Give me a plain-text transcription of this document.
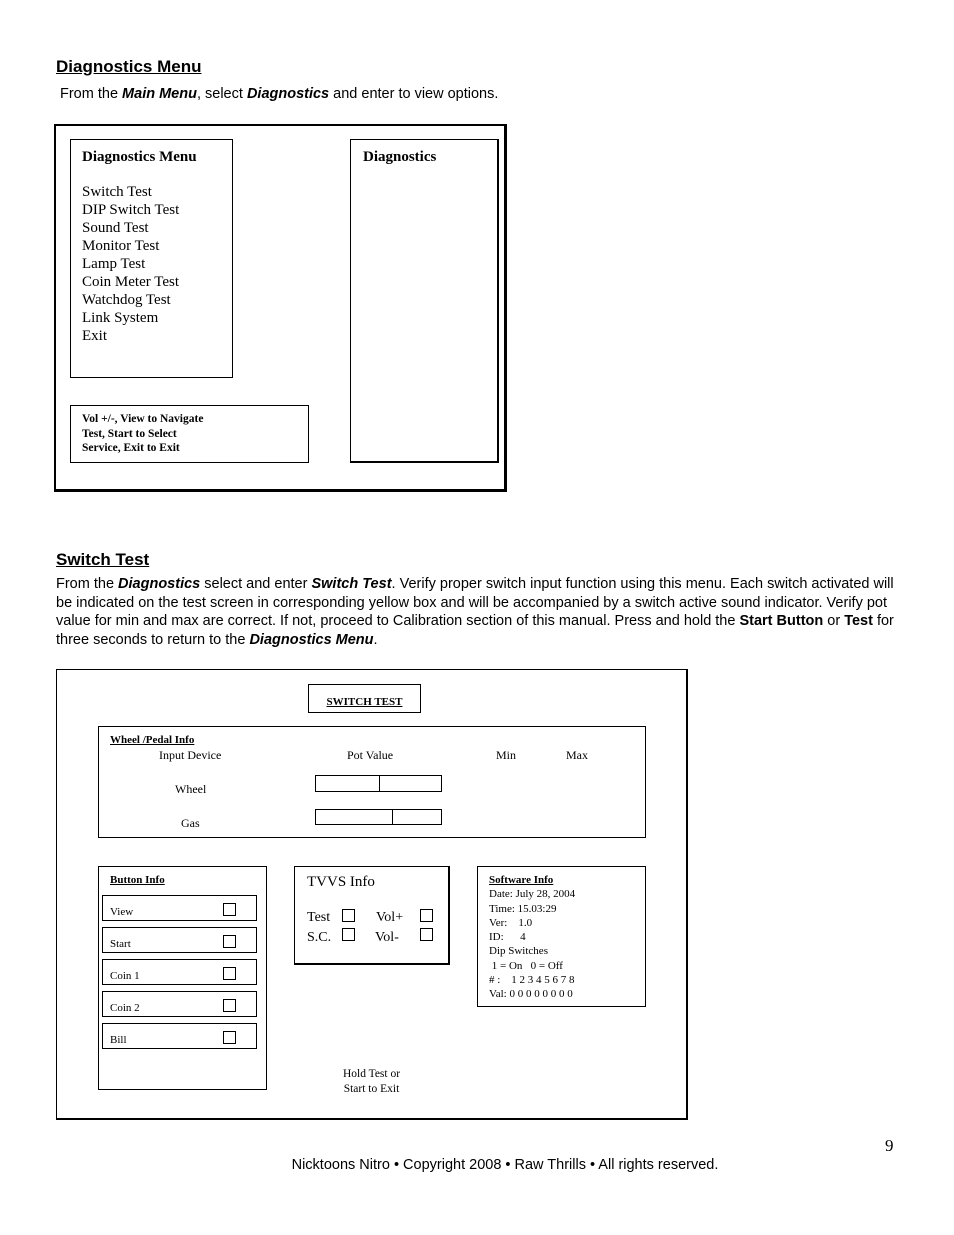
Diagnostics Menu
From the Main Menu, select Diagnostics and enter to view options.
Diagnostics Menu
Switch Test
DIP Switch Test
Sound Test
Monitor Test
Lamp Test
Coin Meter Test
Watchdog Test
Link System
Exit
Vol +/-, View to Navigate
Test, Start to Select
Service, Exit to Exit
Diagnostics
Switch Test
From the Diagnostics select and enter Switch Test. Verify proper switch input function using this menu. Each switch activated will be indicated on the test screen in corresponding yellow box and will be accompanied by a switch active sound indicator. Verify pot value for min and max are correct. If not, proceed to Calibration section of this manual. Press and hold the Start Button or Test for three seconds to return to the Diagnostics Menu.
SWITCH TEST
Wheel /Pedal Info
Input Device	Pot Value	Min	Max
Wheel
Gas
Button Info
View
Start
Coin 1
Coin 2
Bill
TVVS Info
Test	Vol+
S.C.	Vol-
Software Info
Date: July 28, 2004
Time: 15.03:29
Ver:    1.0
ID:      4
Dip Switches
1 = On   0 = Off
# :    1 2 3 4 5 6 7 8
Val: 0 0 0 0 0 0 0 0
Hold Test or
Start to Exit
9
Nicktoons Nitro • Copyright 2008 • Raw Thrills • All rights reserved.
